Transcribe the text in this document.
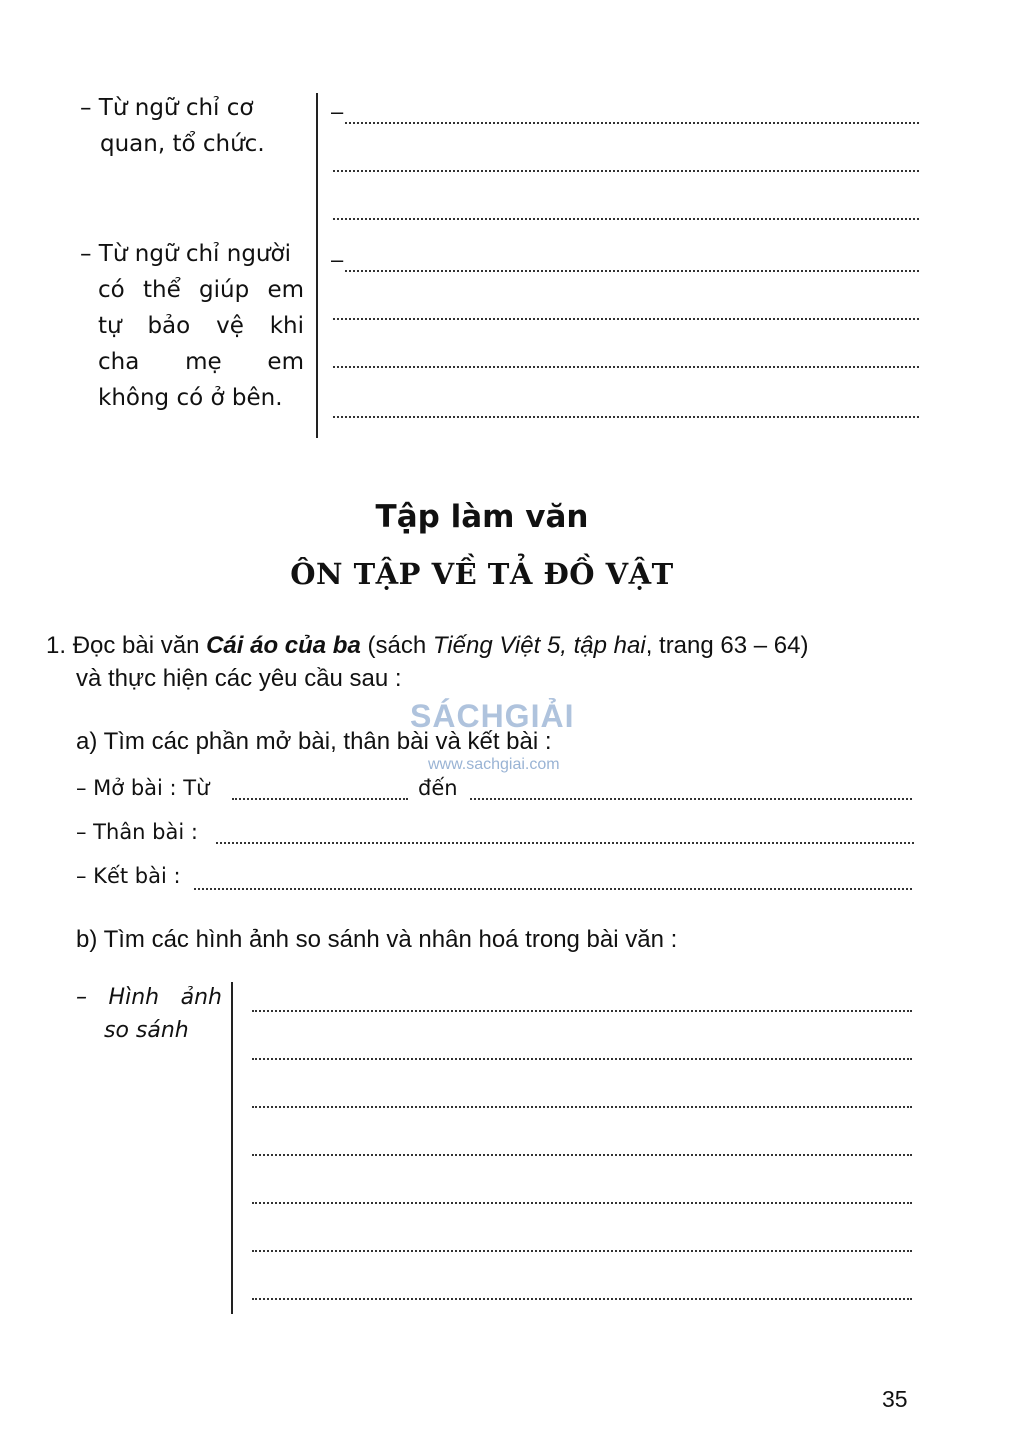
– Từ ngữ chỉ cơ
quan, tổ chức.
– Từ ngữ chỉ người
có thể giúp em
tự bảo vệ khi
cha mẹ em
không có ở bên.
–
–
Tập làm văn
ÔN TẬP VỀ TẢ ĐỒ VẬT
1. Đọc bài văn Cái áo của ba (sách Tiếng Việt 5, tập hai, trang 63 – 64)
và thực hiện các yêu cầu sau :
SÁCHGIẢI
www.sachgiai.com
a) Tìm các phần mở bài, thân bài và kết bài :
– Mở bài : Từ	đến
– Thân bài :
– Kết bài :
b) Tìm các hình ảnh so sánh và nhân hoá trong bài văn :
– Hình ảnh
so sánh
35
